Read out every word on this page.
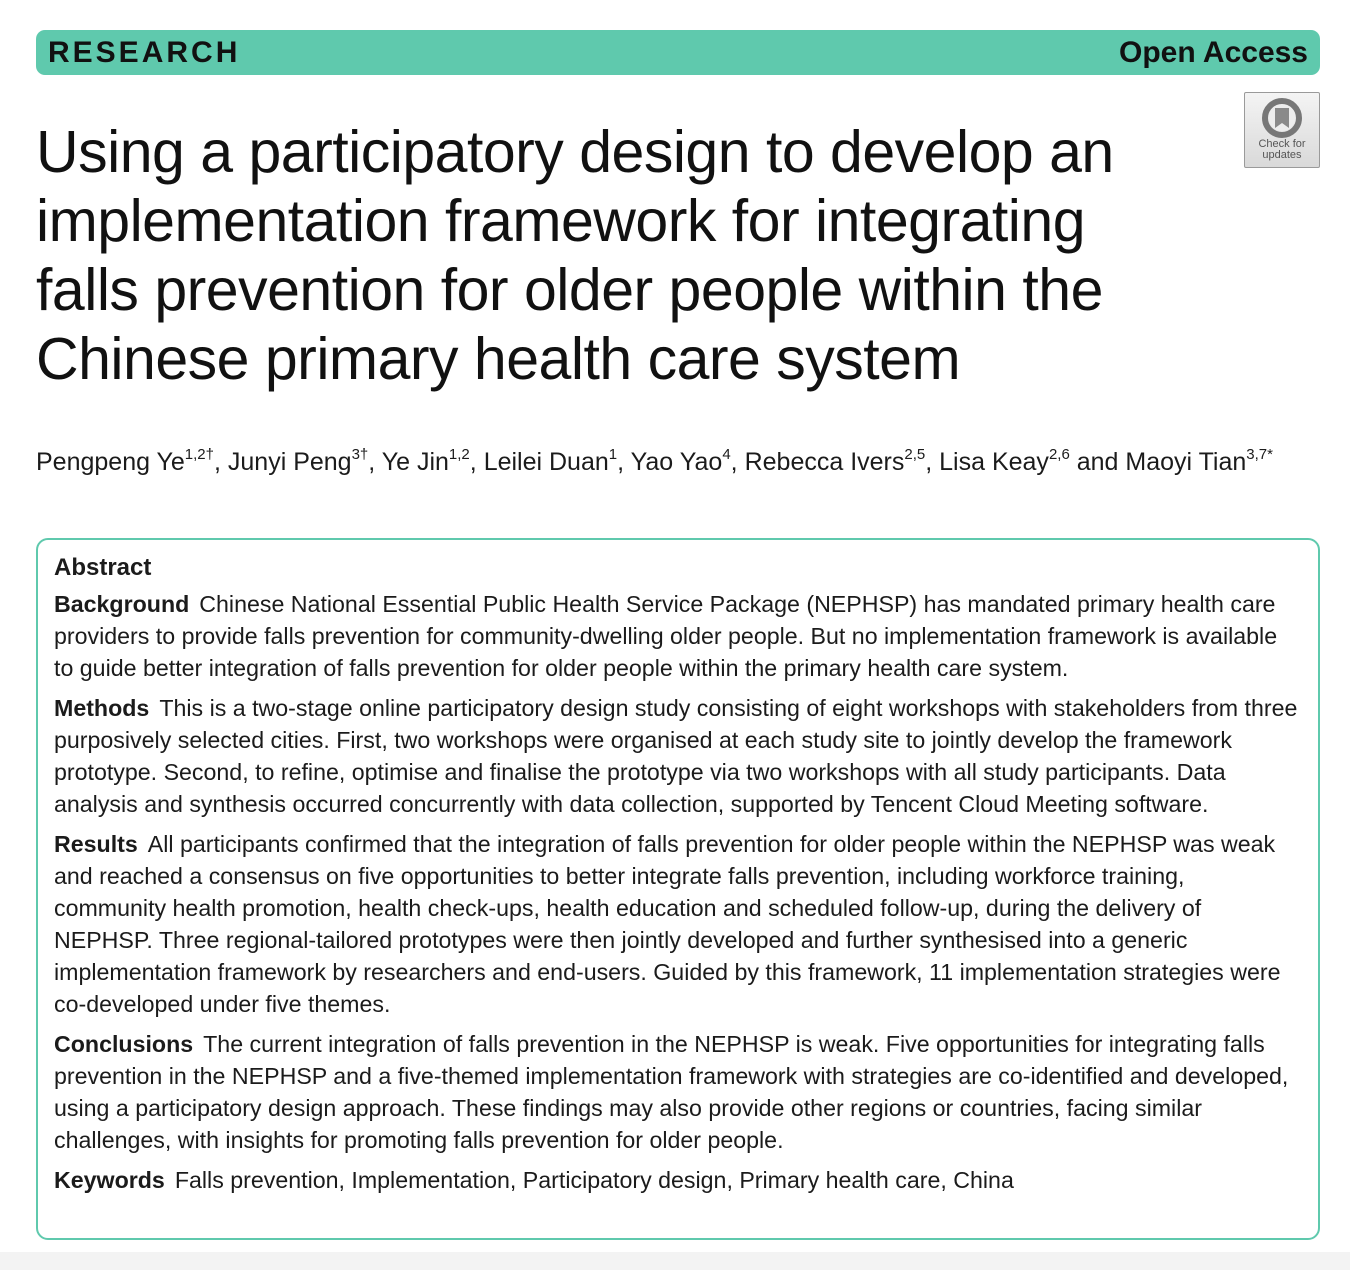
RESEARCH	Open Access
Check for
updates
Using a participatory design to develop an implementation framework for integrating falls prevention for older people within the Chinese primary health care system
Pengpeng $Ye^{1,2\dagger}$, Junyi Peng$^{3\dagger}$, Ye Jin$^{1,2}$, Leilei Duan$^1$, Yao Yao$^4$, Rebecca Ivers$^{2,5}$, Lisa Keay$^{2,6}$ and Maoyi Tian$^{3,7*}$
Abstract

Background Chinese National Essential Public Health Service Package (NEPHSP) has mandated primary health care providers to provide falls prevention for community-dwelling older people. But no implementation framework is available to guide better integration of falls prevention for older people within the primary health care system.

Methods This is a two-stage online participatory design study consisting of eight workshops with stakeholders from three purposively selected cities. First, two workshops were organised at each study site to jointly develop the framework prototype. Second, to refine, optimise and finalise the prototype via two workshops with all study participants. Data analysis and synthesis occurred concurrently with data collection, supported by Tencent Cloud Meeting software.

Results All participants confirmed that the integration of falls prevention for older people within the NEPHSP was weak and reached a consensus on five opportunities to better integrate falls prevention, including workforce training, community health promotion, health check-ups, health education and scheduled follow-up, during the delivery of NEPHSP. Three regional-tailored prototypes were then jointly developed and further synthesised into a generic implementation framework by researchers and end-users. Guided by this framework, 11 implementation strategies were co-developed under five themes.

Conclusions The current integration of falls prevention in the NEPHSP is weak. Five opportunities for integrating falls prevention in the NEPHSP and a five-themed implementation framework with strategies are co-identified and developed, using a participatory design approach. These findings may also provide other regions or countries, facing similar challenges, with insights for promoting falls prevention for older people.

Keywords Falls prevention, Implementation, Participatory design, Primary health care, China
